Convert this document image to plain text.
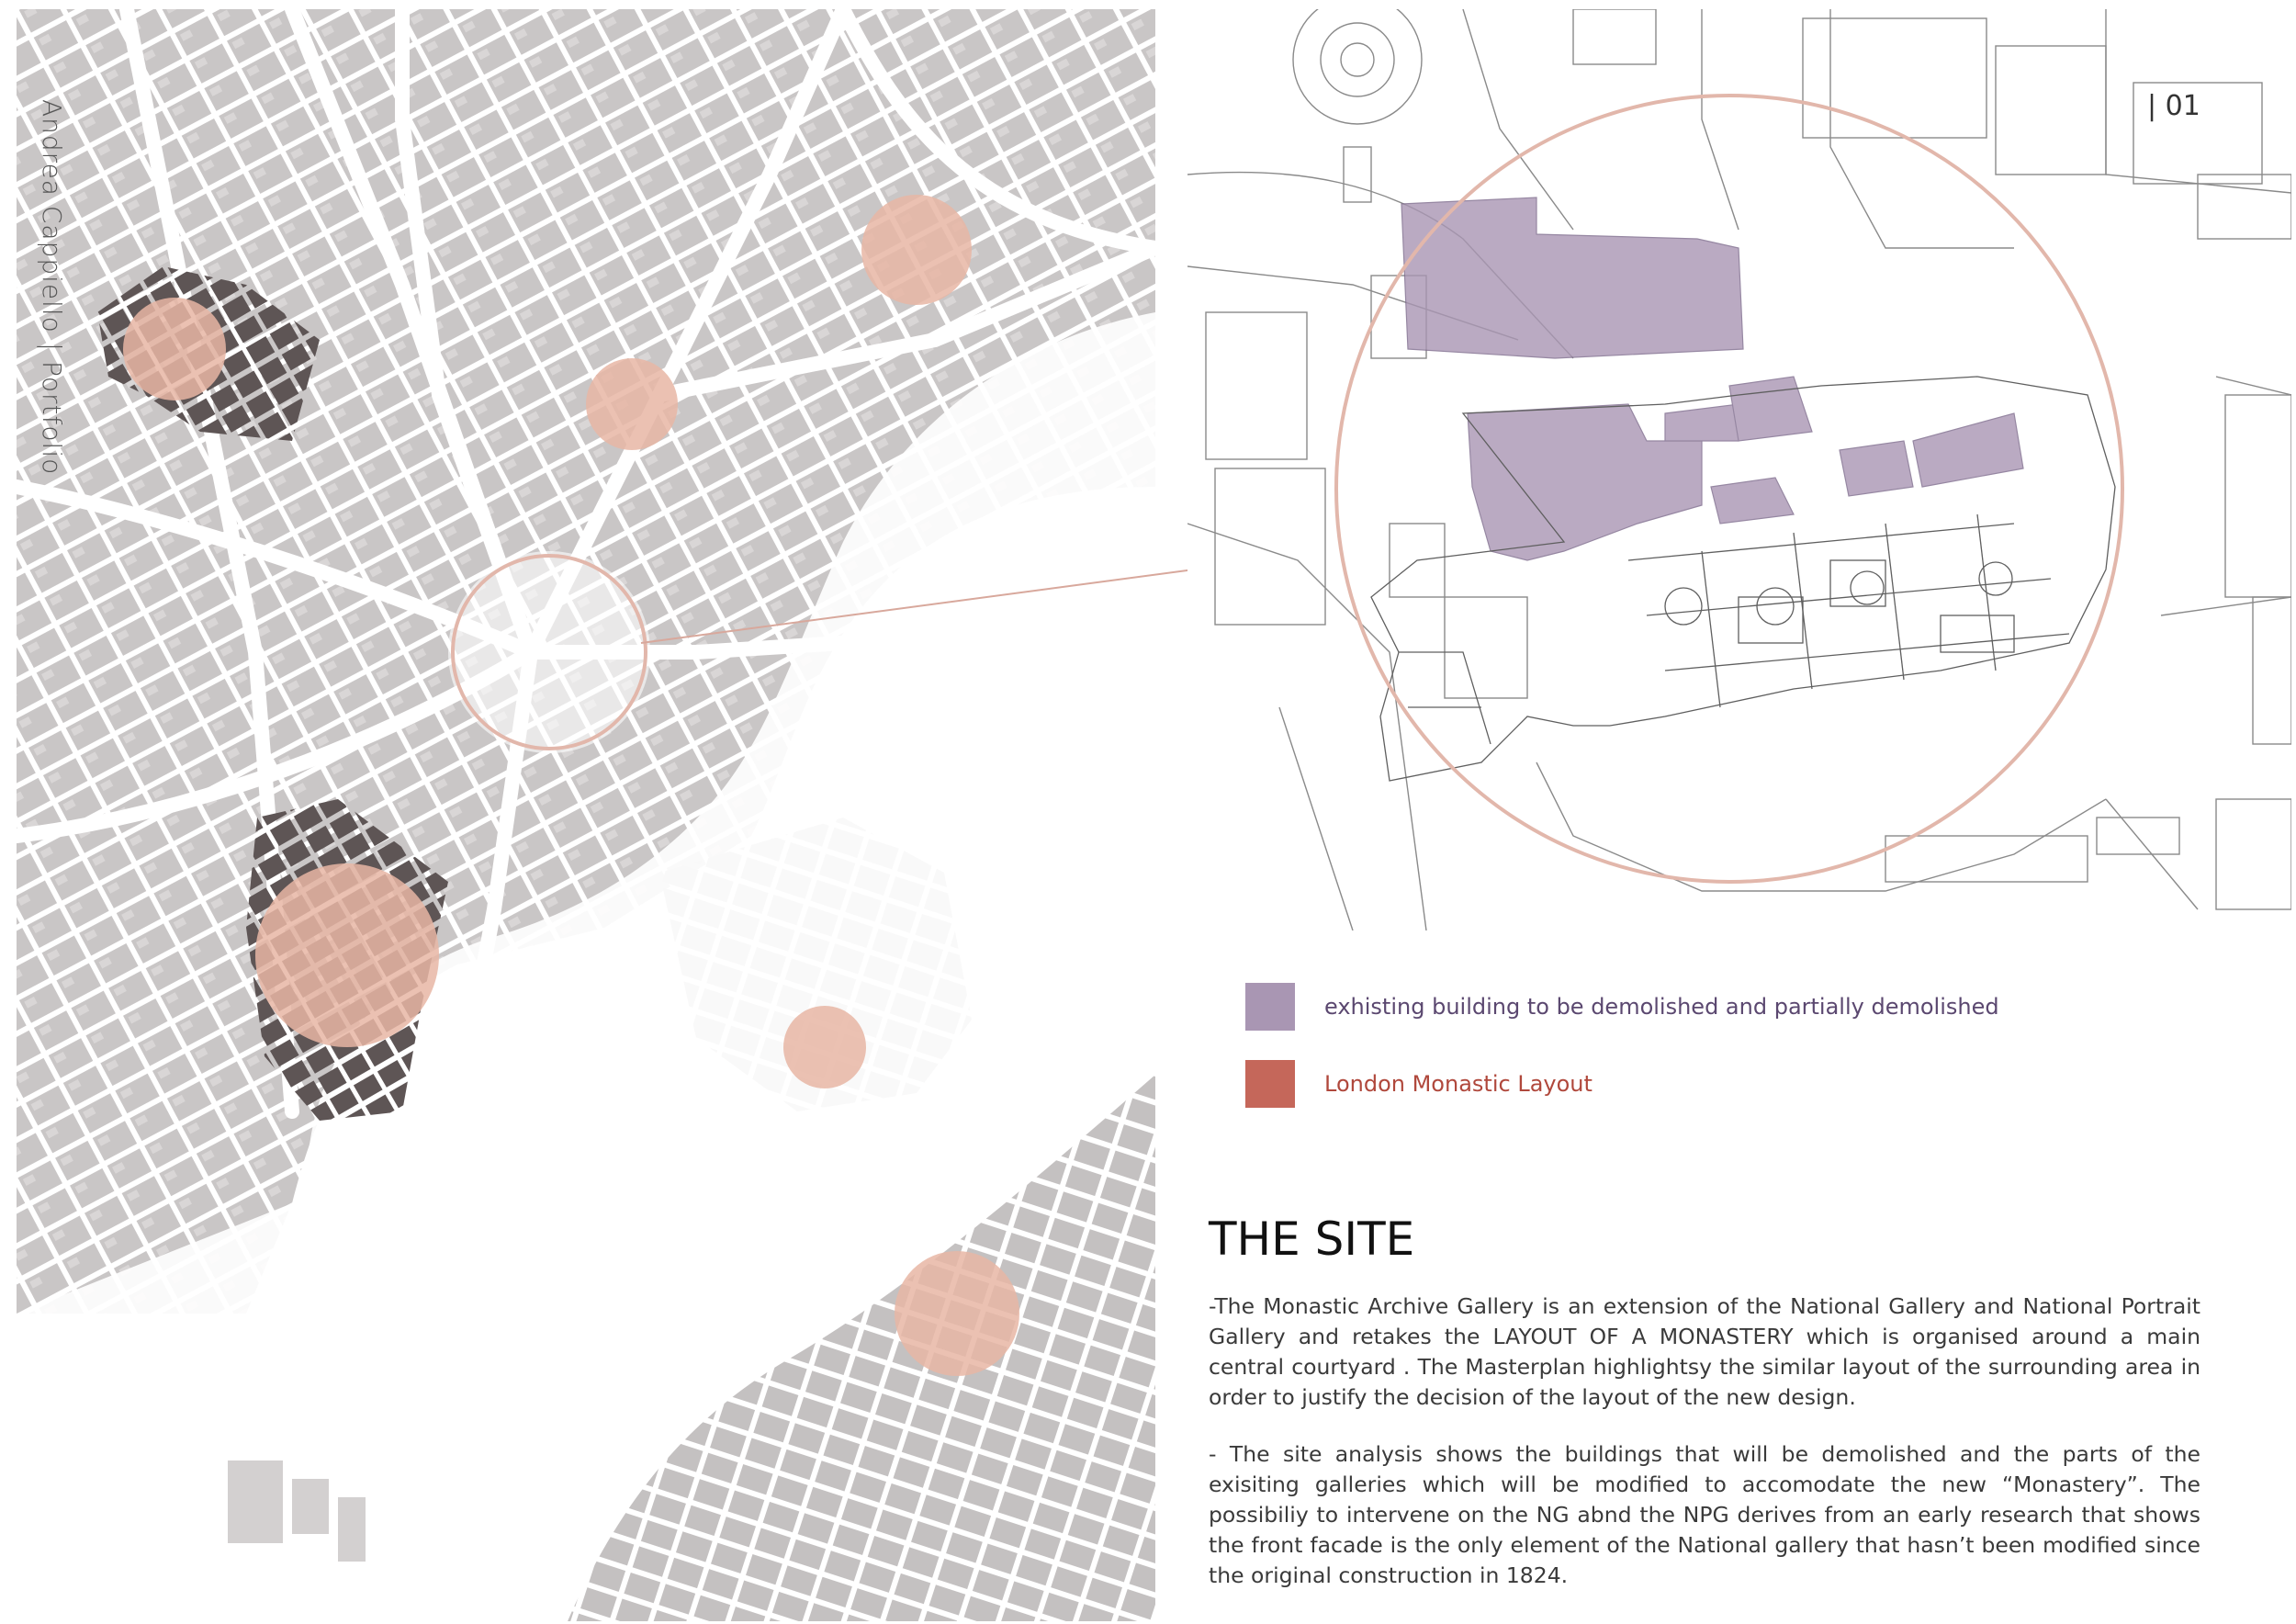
Andrea Cappiello | Portfolio	| 01
exhisting building to be demolished and partially demolished
London Monastic Layout
THE SITE
-The Monastic Archive Gallery is an extension of the National Gallery and National Portrait Gallery and retakes the LAYOUT OF A MONASTERY which is organised around a main central courtyard . The Masterplan highlightsy the similar layout of the surrounding area in order to justify the decision of the layout of the new design.
- The site analysis shows the buildings that will be demolished and the parts of the exisiting galleries which will be modified to accomodate the new “Monastery”. The possibiliy to intervene on the NG abnd the NPG derives from an early research that shows the front facade is the only element of the National gallery that hasn’t been modified since the original construction in 1824.
